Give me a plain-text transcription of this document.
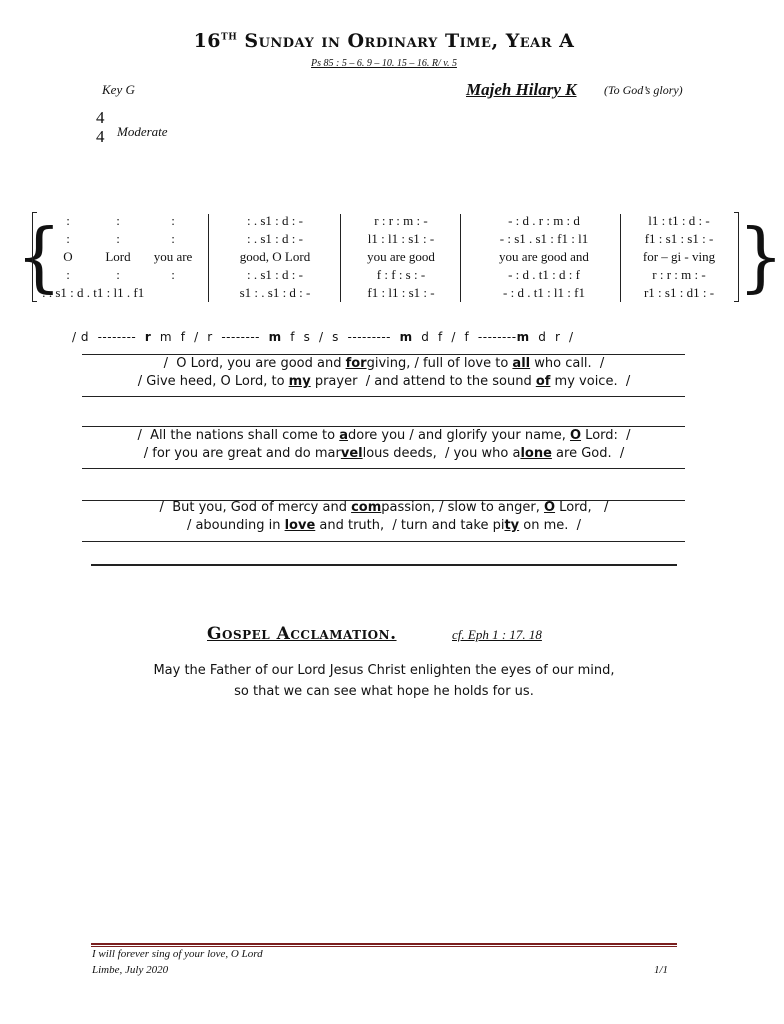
16TH Sunday in Ordinary Time, Year A
Ps 85 : 5 – 6. 9 – 10. 15 – 16. R/ v. 5
Key G	Majeh Hilary K (To God’s glory)
4
4 Moderate
{	}
:	:	:	: . s1 : d : -	r : r : m : -	- : d . r : m : d	l1 : t1 : d : -
:	:	:	: . s1 : d : -	l1 : l1 : s1 : -	- : s1 . s1 : f1 : l1	f1 : s1 : s1 : -
O	Lord	you are	good, O Lord	you are good	you are good and	for – gi - ving
:	:	:	: . s1 : d : -	f : f : s : -	- : d . t1 : d : f	r : r : m : -
: . s1 : d . t1 : l1 . f1	s1 : . s1 : d : -	f1 : l1 : s1 : -	- : d . t1 : l1 : f1	r1 : s1 : d1 : -
/ d  --------  r  m  f  /  r  --------  m  f  s  /  s  ---------  m  d  f  /  f  --------m  d  r  /
/  O Lord, you are good and forgiving, / full of love to all who call.  /
/ Give heed, O Lord, to my prayer  / and attend to the sound of my voice.  /
/  All the nations shall come to adore you / and glorify your name, O Lord:  /
/ for you are great and do marvellous deeds,  / you who alone are God.  /
/  But you, God of mercy and compassion, / slow to anger, O Lord,   /
/ abounding in love and truth,  / turn and take pity on me.  /
Gospel Acclamation.	cf. Eph 1 : 17. 18
May the Father of our Lord Jesus Christ enlighten the eyes of our mind,
so that we can see what hope he holds for us.
I will forever sing of your love, O Lord
Limbe, July 2020	1/1
